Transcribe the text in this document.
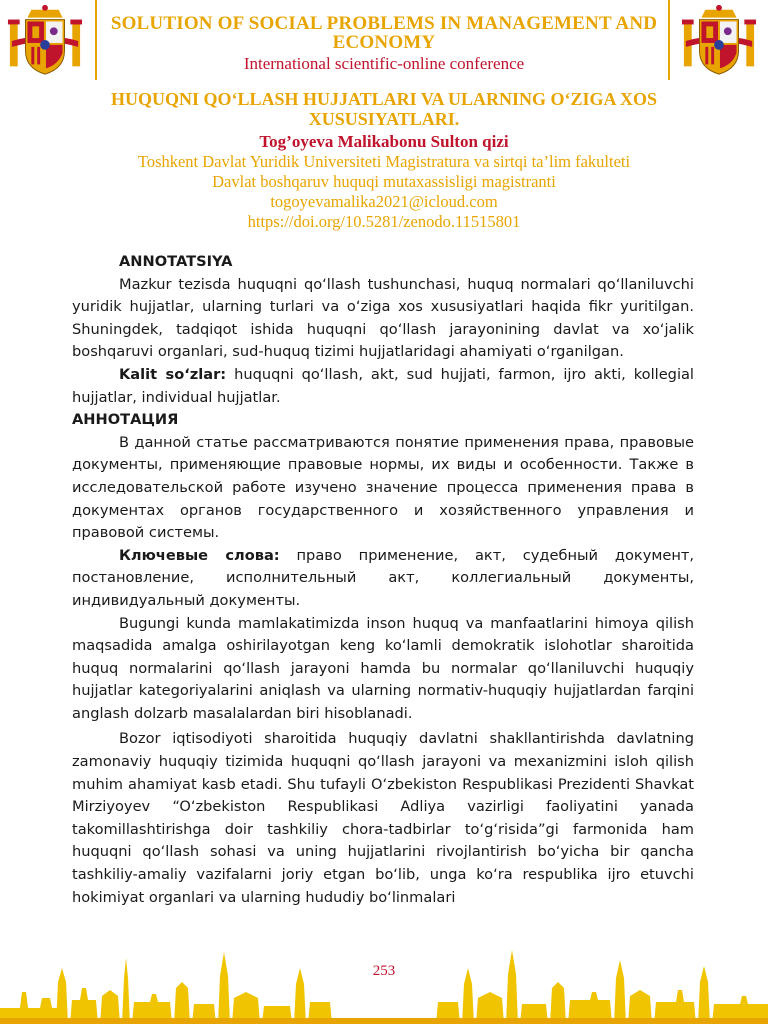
SOLUTION OF SOCIAL PROBLEMS IN MANAGEMENT AND ECONOMY
International scientific-online conference
HUQUQNI QO‘LLASH HUJJATLARI VA ULARNING O‘ZIGA XOS XUSUSIYATLARI.
Tog’oyeva Malikabonu Sulton qizi
Toshkent Davlat Yuridik Universiteti Magistratura va sirtqi ta’lim fakulteti
Davlat boshqaruv huquqi mutaxassisligi magistranti
togoyevamalika2021@icloud.com
https://doi.org/10.5281/zenodo.11515801

ANNOTATSIYA

Mazkur tezisda huquqni qo‘llash tushunchasi, huquq normalari qo‘llaniluvchi yuridik hujjatlar, ularning turlari va o‘ziga xos xususiyatlari haqida fikr yuritilgan. Shuningdek, tadqiqot ishida huquqni qo‘llash jarayonining davlat va xo‘jalik boshqaruvi organlari, sud-huquq tizimi hujjatlaridagi ahamiyati o‘rganilgan.

Kalit so‘zlar: huquqni qo‘llash, akt, sud hujjati, farmon, ijro akti, kollegial hujjatlar, individual hujjatlar.

АННОТАЦИЯ

В данной статье рассматриваются понятие применения права, правовые документы, применяющие правовые нормы, их виды и особенности. Также в исследовательской работе изучено значение процесса применения права в документах органов государственного и хозяйственного управления и правовой системы.

Ключевые слова: право применение, акт, судебный документ, постановление, исполнительный акт, коллегиальный документы, индивидуальный документы.

Bugungi kunda mamlakatimizda inson huquq va manfaatlarini himoya qilish maqsadida amalga oshirilayotgan keng ko‘lamli demokratik islohotlar sharoitida huquq normalarini qo‘llash jarayoni hamda bu normalar qo‘llaniluvchi huquqiy hujjatlar kategoriyalarini aniqlash va ularning normativ-huquqiy hujjatlardan farqini anglash dolzarb masalalardan biri hisoblanadi.

Bozor iqtisodiyoti sharoitida huquqiy davlatni shakllantirishda davlatning zamonaviy huquqiy tizimida huquqni qo‘llash jarayoni va mexanizmini isloh qilish muhim ahamiyat kasb etadi. Shu tufayli O‘zbekiston Respublikasi Prezidenti Shavkat Mirziyoyev “O‘zbekiston Respublikasi Adliya vazirligi faoliyatini yanada takomillashtirishga doir tashkiliy chora-tadbirlar to‘g‘risida”gi farmonida ham huquqni qo‘llash sohasi va uning hujjatlarini rivojlantirish bo‘yicha bir qancha tashkiliy-amaliy vazifalarni joriy etgan bo‘lib, unga ko‘ra respublika ijro etuvchi hokimiyat organlari va ularning hududiy bo‘linmalari

253
